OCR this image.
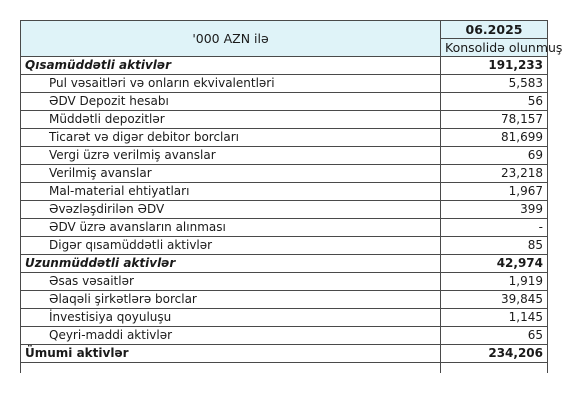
'000 AZN ilə	06.2025
	Konsolidə olunmuş
Qısamüddətli aktivlər	191,233
Pul vəsaitləri və onların ekvivalentləri	5,583
ƏDV Depozit hesabı	56
Müddətli depozitlər	78,157
Ticarət və digər debitor borcları	81,699
Vergi üzrə verilmiş avanslar	69
Verilmiş avanslar	23,218
Mal-material ehtiyatları	1,967
Əvəzləşdirilən ƏDV	399
ƏDV üzrə avansların alınması	-
Digər qısamüddətli aktivlər	85
Uzunmüddətli aktivlər	42,974
Əsas vəsaitlər	1,919
Əlaqəli şirkətlərə borclar	39,845
İnvestisiya qoyuluşu	1,145
Qeyri-maddi aktivlər	65
Ümumi aktivlər	234,206
